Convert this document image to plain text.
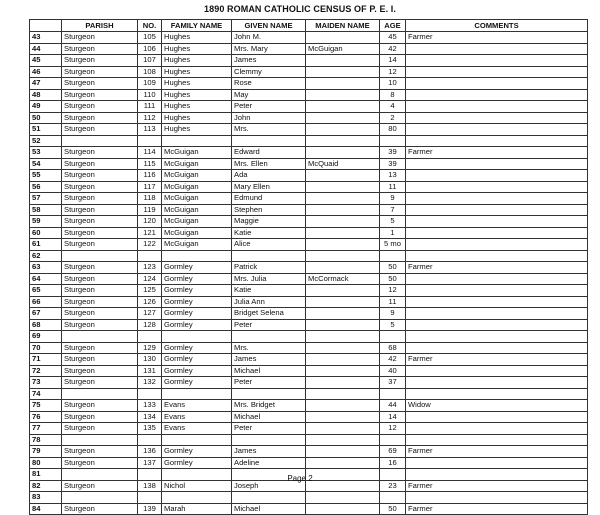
1890 ROMAN CATHOLIC CENSUS OF P. E. I.
	PARISH	NO.	FAMILY NAME	GIVEN NAME	MAIDEN NAME	AGE	COMMENTS
43	Sturgeon	105	Hughes	John M.		45	Farmer
44	Sturgeon	106	Hughes	Mrs. Mary	McGuigan	42	
45	Sturgeon	107	Hughes	James		14	
46	Sturgeon	108	Hughes	Clemmy		12	
47	Sturgeon	109	Hughes	Rose		10	
48	Sturgeon	110	Hughes	May		8	
49	Sturgeon	111	Hughes	Peter		4	
50	Sturgeon	112	Hughes	John		2	
51	Sturgeon	113	Hughes	Mrs.		80	
52							
53	Sturgeon	114	McGuigan	Edward		39	Farmer
54	Sturgeon	115	McGuigan	Mrs. Ellen	McQuaid	39	
55	Sturgeon	116	McGuigan	Ada		13	
56	Sturgeon	117	McGuigan	Mary Ellen		11	
57	Sturgeon	118	McGuigan	Edmund		9	
58	Sturgeon	119	McGuigan	Stephen		7	
59	Sturgeon	120	McGuigan	Maggie		5	
60	Sturgeon	121	McGuigan	Katie		1	
61	Sturgeon	122	McGuigan	Alice		5 mo	
62							
63	Sturgeon	123	Gormley	Patrick		50	Farmer
64	Sturgeon	124	Gormley	Mrs. Julia	McCormack	50	
65	Sturgeon	125	Gormley	Katie		12	
66	Sturgeon	126	Gormley	Julia Ann		11	
67	Sturgeon	127	Gormley	Bridget Selena		9	
68	Sturgeon	128	Gormley	Peter		5	
69							
70	Sturgeon	129	Gormley	Mrs.		68	
71	Sturgeon	130	Gormley	James		42	Farmer
72	Sturgeon	131	Gormley	Michael		40	
73	Sturgeon	132	Gormley	Peter		37	
74							
75	Sturgeon	133	Evans	Mrs. Bridget		44	Widow
76	Sturgeon	134	Evans	Michael		14	
77	Sturgeon	135	Evans	Peter		12	
78							
79	Sturgeon	136	Gormley	James		69	Farmer
80	Sturgeon	137	Gormley	Adeline		16	
81							
82	Sturgeon	138	Nichol	Joseph		23	Farmer
83							
84	Sturgeon	139	Marah	Michael		50	Farmer
Page 2
